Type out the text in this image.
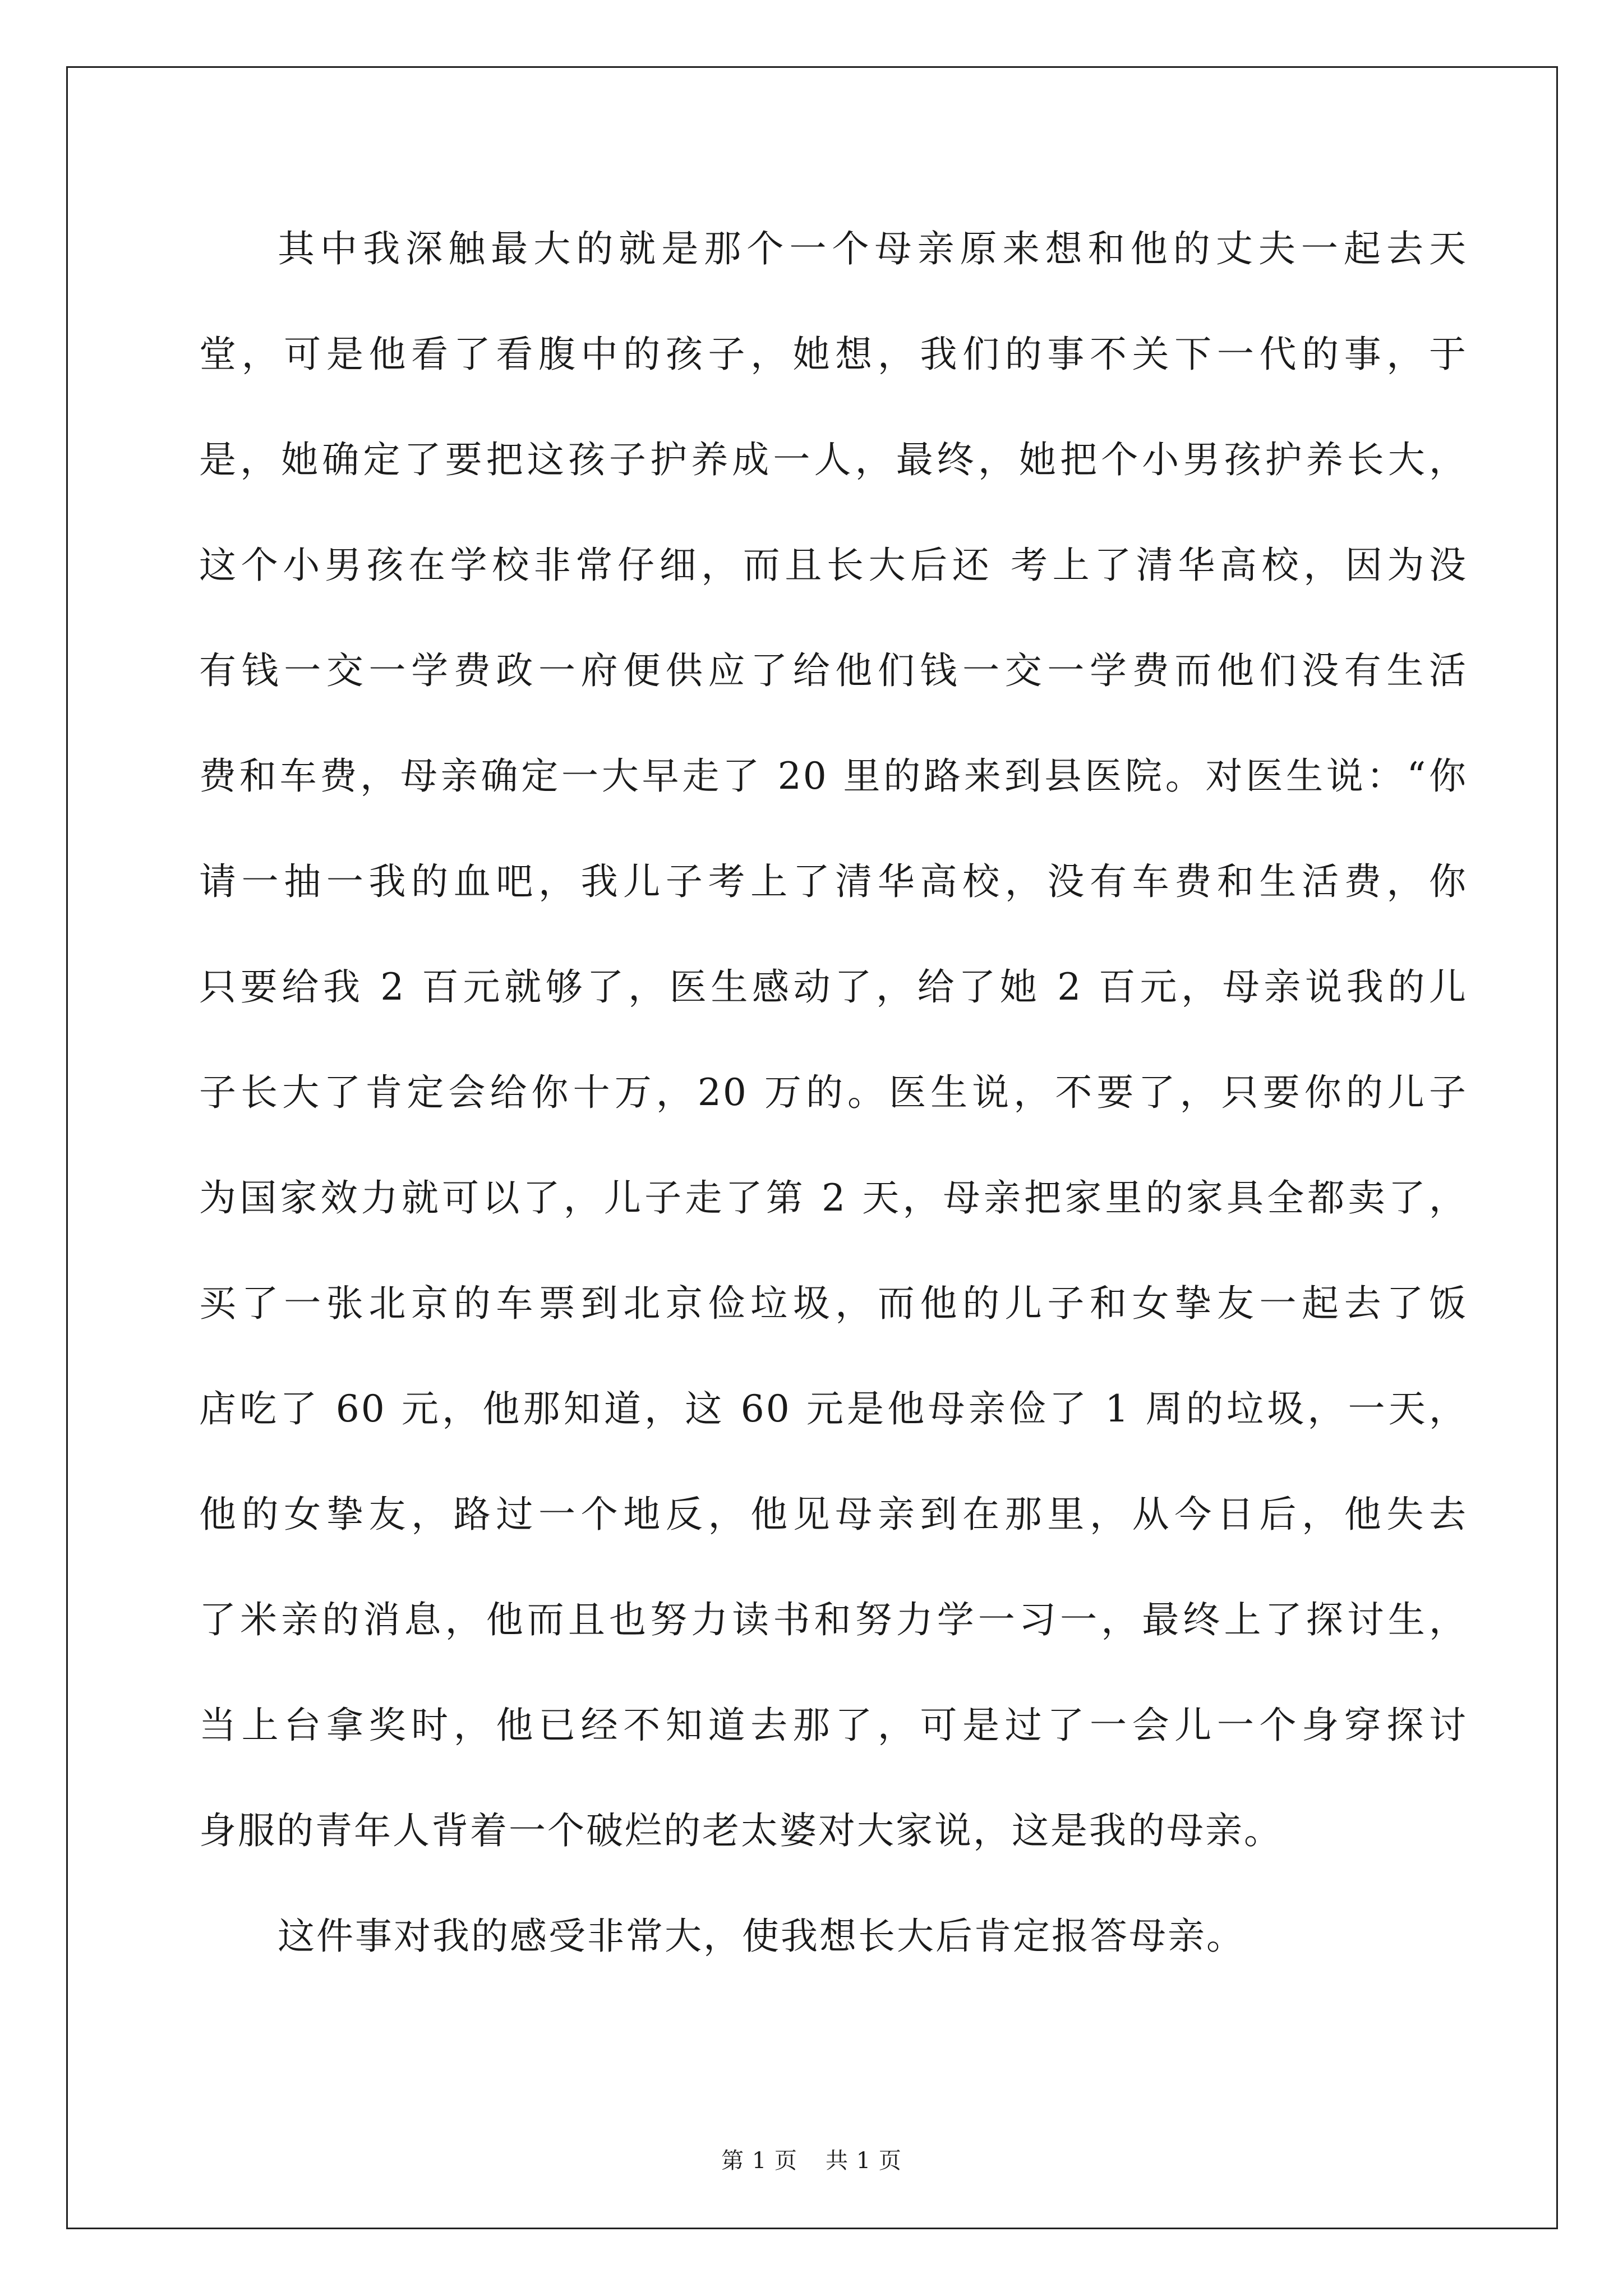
其中我深触最大的就是那个一个母亲原来想和他的丈夫一起去天
堂，可是他看了看腹中的孩子，她想，我们的事不关下一代的事，于
是，她确定了要把这孩子护养成一人，最终，她把个小男孩护养长大，
这个小男孩在学校非常仔细，而且长大后还 考上了清华高校，因为没
有钱一交一学费政一府便供应了给他们钱一交一学费而他们没有生活
费和车费，母亲确定一大早走了 20 里的路来到县医院。对医生说：“你
请一抽一我的血吧，我儿子考上了清华高校，没有车费和生活费，你
只要给我 2 百元就够了，医生感动了，给了她 2 百元，母亲说我的儿
子长大了肯定会给你十万，20 万的。医生说，不要了，只要你的儿子
为国家效力就可以了，儿子走了第 2 天，母亲把家里的家具全都卖了，
买了一张北京的车票到北京俭垃圾，而他的儿子和女挚友一起去了饭
店吃了 60 元，他那知道，这 60 元是他母亲俭了 1 周的垃圾，一天，
他的女挚友，路过一个地反，他见母亲到在那里，从今日后，他失去
了米亲的消息，他而且也努力读书和努力学一习一，最终上了探讨生，
当上台拿奖时，他已经不知道去那了，可是过了一会儿一个身穿探讨
身服的青年人背着一个破烂的老太婆对大家说，这是我的母亲。
这件事对我的感受非常大，使我想长大后肯定报答母亲。
第 1 页 共 1 页
